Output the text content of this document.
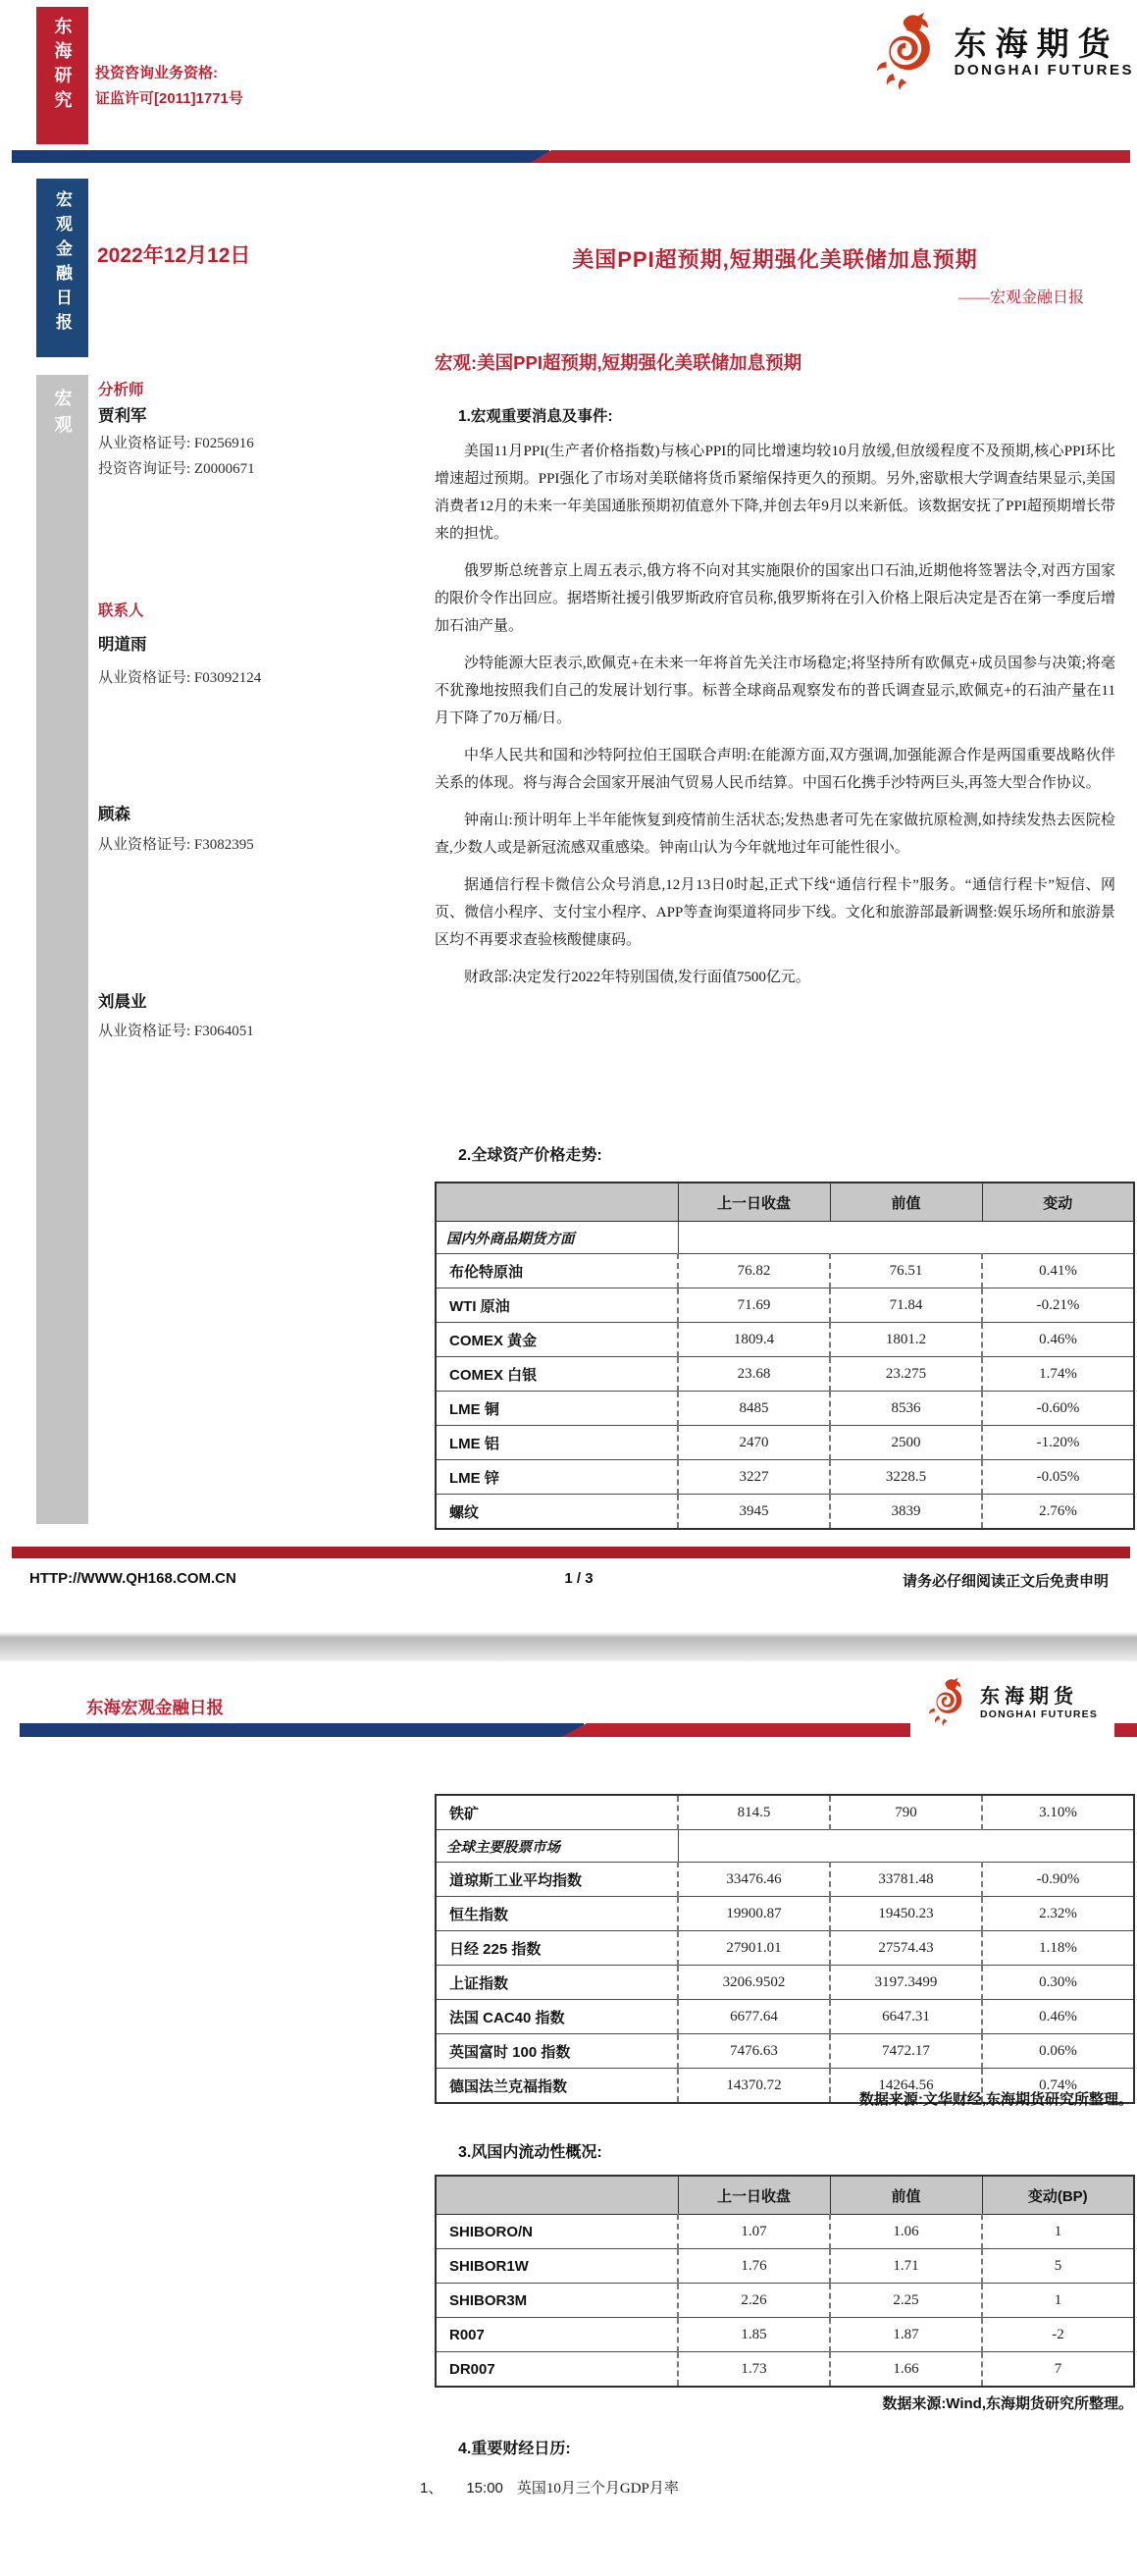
东海研究 投资咨询业务资格:
证监许可[2011]1771号
东海期货
DONGHAI FUTURES
宏观金融日报
宏观
2022年12月12日	美国PPI超预期,短期强化美联储加息预期
——宏观金融日报
分析师
贾利军
从业资格证号: F0256916
投资咨询证号: Z0000671
联系人
明道雨
从业资格证号: F03092124
顾森
从业资格证号: F3082395
刘晨业
从业资格证号: F3064051
宏观:美国PPI超预期,短期强化美联储加息预期
1.宏观重要消息及事件:

美国11月PPI(生产者价格指数)与核心PPI的同比增速均较10月放缓,但放缓程度不及预期,核心PPI环比增速超过预期。PPI强化了市场对美联储将货币紧缩保持更久的预期。另外,密歇根大学调查结果显示,美国消费者12月的未来一年美国通胀预期初值意外下降,并创去年9月以来新低。该数据安抚了PPI超预期增长带来的担忧。

俄罗斯总统普京上周五表示,俄方将不向对其实施限价的国家出口石油,近期他将签署法令,对西方国家的限价令作出回应。据塔斯社援引俄罗斯政府官员称,俄罗斯将在引入价格上限后决定是否在第一季度后增加石油产量。

沙特能源大臣表示,欧佩克+在未来一年将首先关注市场稳定;将坚持所有欧佩克+成员国参与决策;将毫不犹豫地按照我们自己的发展计划行事。标普全球商品观察发布的普氏调查显示,欧佩克+的石油产量在11月下降了70万桶/日。

中华人民共和国和沙特阿拉伯王国联合声明:在能源方面,双方强调,加强能源合作是两国重要战略伙伴关系的体现。将与海合会国家开展油气贸易人民币结算。中国石化携手沙特两巨头,再签大型合作协议。

钟南山:预计明年上半年能恢复到疫情前生活状态;发热患者可先在家做抗原检测,如持续发热去医院检查,少数人或是新冠流感双重感染。钟南山认为今年就地过年可能性很小。

据通信行程卡微信公众号消息,12月13日0时起,正式下线“通信行程卡”服务。“通信行程卡”短信、网页、微信小程序、支付宝小程序、APP等查询渠道将同步下线。文化和旅游部最新调整:娱乐场所和旅游景区均不再要求查验核酸健康码。

财政部:决定发行2022年特别国债,发行面值7500亿元。

2.全球资产价格走势:
	上一日收盘	前值	变动
国内外商品期货方面			
布伦特原油	76.82	76.51	0.41%
WTI 原油	71.69	71.84	-0.21%
COMEX 黄金	1809.4	1801.2	0.46%
COMEX 白银	23.68	23.275	1.74%
LME 铜	8485	8536	-0.60%
LME 铝	2470	2500	-1.20%
LME 锌	3227	3228.5	-0.05%
螺纹	3945	3839	2.76%
HTTP://WWW.QH168.COM.CN	1 / 3	请务必仔细阅读正文后免责申明
东海宏观金融日报	东海期货
DONGHAI FUTURES
铁矿	814.5	790	3.10%
全球主要股票市场			
道琼斯工业平均指数	33476.46	33781.48	-0.90%
恒生指数	19900.87	19450.23	2.32%
日经 225 指数	27901.01	27574.43	1.18%
上证指数	3206.9502	3197.3499	0.30%
法国 CAC40 指数	6677.64	6647.31	0.46%
英国富时 100 指数	7476.63	7472.17	0.06%
德国法兰克福指数	14370.72	14264.56	0.74%
数据来源:文华财经,东海期货研究所整理。
3.风国内流动性概况:
	上一日收盘	前值	变动(BP)
SHIBORO/N	1.07	1.06	1
SHIBOR1W	1.76	1.71	5
SHIBOR3M	2.26	2.25	1
R007	1.85	1.87	-2
DR007	1.73	1.66	7
数据来源:Wind,东海期货研究所整理。
4.重要财经日历:
1、 15:00 英国10月三个月GDP月率
